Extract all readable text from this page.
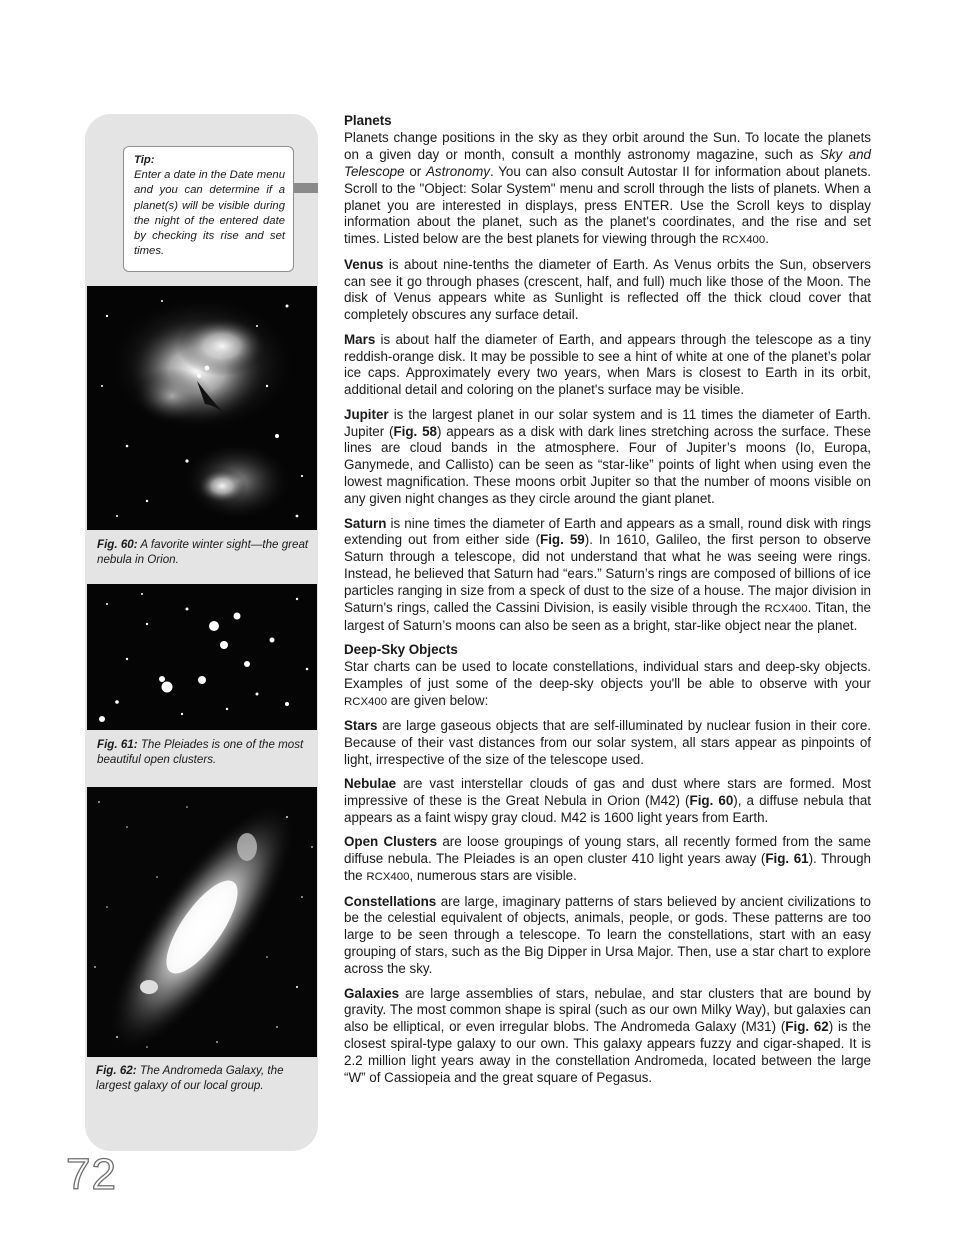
Tip:
Enter a date in the Date menu and you can determine if a planet(s) will be visible during the night of the entered date by checking its rise and set times.
Fig. 60: A favorite winter sight—the great nebula in Orion.
Fig. 61: The Pleiades is one of the most beautiful open clusters.
Fig. 62: The Andromeda Galaxy, the largest galaxy of our local group.
72

Planets
Planets change positions in the sky as they orbit around the Sun. To locate the planets on a given day or month, consult a monthly astronomy magazine, such as Sky and Telescope or Astronomy. You can also consult Autostar II for information about planets. Scroll to the "Object: Solar System" menu and scroll through the lists of planets. When a planet you are interested in displays, press ENTER. Use the Scroll keys to display information about the planet, such as the planet's coordinates, and the rise and set times. Listed below are the best planets for viewing through the RCX400.

Venus is about nine-tenths the diameter of Earth. As Venus orbits the Sun, observers can see it go through phases (crescent, half, and full) much like those of the Moon. The disk of Venus appears white as Sunlight is reflected off the thick cloud cover that completely obscures any surface detail.

Mars is about half the diameter of Earth, and appears through the telescope as a tiny reddish-orange disk. It may be possible to see a hint of white at one of the planet’s polar ice caps. Approximately every two years, when Mars is closest to Earth in its orbit, additional detail and coloring on the planet's surface may be visible.

Jupiter is the largest planet in our solar system and is 11 times the diameter of Earth. Jupiter (Fig. 58) appears as a disk with dark lines stretching across the surface. These lines are cloud bands in the atmosphere. Four of Jupiter’s moons (Io, Europa, Ganymede, and Callisto) can be seen as “star-like” points of light when using even the lowest magnification. These moons orbit Jupiter so that the number of moons visible on any given night changes as they circle around the giant planet.

Saturn is nine times the diameter of Earth and appears as a small, round disk with rings extending out from either side (Fig. 59). In 1610, Galileo, the first person to observe Saturn through a telescope, did not understand that what he was seeing were rings. Instead, he believed that Saturn had “ears.” Saturn’s rings are composed of billions of ice particles ranging in size from a speck of dust to the size of a house. The major division in Saturn's rings, called the Cassini Division, is easily visible through the RCX400. Titan, the largest of Saturn’s moons can also be seen as a bright, star-like object near the planet.

Deep-Sky Objects
Star charts can be used to locate constellations, individual stars and deep-sky objects. Examples of just some of the deep-sky objects you'll be able to observe with your RCX400 are given below:

Stars are large gaseous objects that are self-illuminated by nuclear fusion in their core. Because of their vast distances from our solar system, all stars appear as pinpoints of light, irrespective of the size of the telescope used.

Nebulae are vast interstellar clouds of gas and dust where stars are formed. Most impressive of these is the Great Nebula in Orion (M42) (Fig. 60), a diffuse nebula that appears as a faint wispy gray cloud. M42 is 1600 light years from Earth.

Open Clusters are loose groupings of young stars, all recently formed from the same diffuse nebula. The Pleiades is an open cluster 410 light years away (Fig. 61). Through the RCX400, numerous stars are visible.

Constellations are large, imaginary patterns of stars believed by ancient civilizations to be the celestial equivalent of objects, animals, people, or gods. These patterns are too large to be seen through a telescope. To learn the constellations, start with an easy grouping of stars, such as the Big Dipper in Ursa Major. Then, use a star chart to explore across the sky.

Galaxies are large assemblies of stars, nebulae, and star clusters that are bound by gravity. The most common shape is spiral (such as our own Milky Way), but galaxies can also be elliptical, or even irregular blobs. The Andromeda Galaxy (M31) (Fig. 62) is the closest spiral-type galaxy to our own. This galaxy appears fuzzy and cigar-shaped. It is 2.2 million light years away in the constellation Andromeda, located between the large “W” of Cassiopeia and the great square of Pegasus.
